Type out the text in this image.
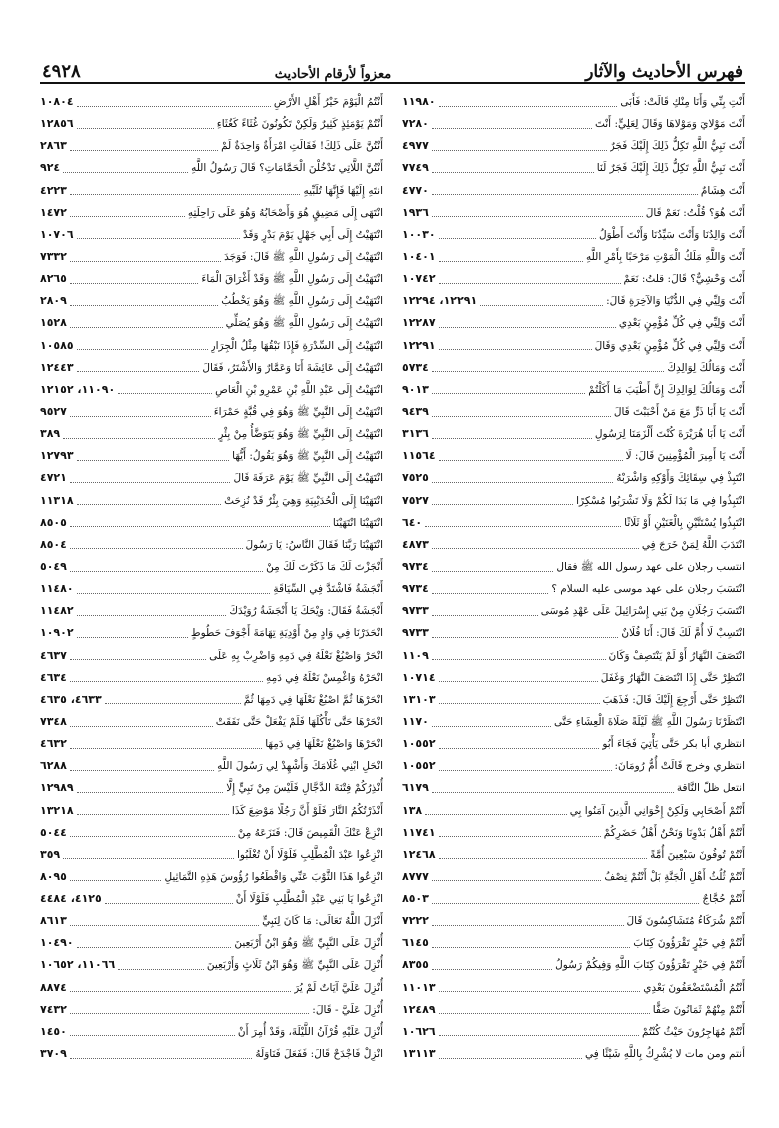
فهرس الأحاديث والآثار
معزواً لأرقام الأحاديث
٤٩٢٨
أَنْتِ بِنِّي وَأَنَا مِنْكِ قَالَتْ: فَأَبَى
١١٩٨٠
أَنْتَ مَوْلايَ وَمَوْلاهَا وَقَالَ لِعَلِيٍّ: أَنْتَ
٧٢٨٠
أَنْتَ نَبِيُّ اللَّهِ تَكِلُّ ذَلِكَ إِلَيْكَ فَجَرٌ
٤٩٧٧
أَنْتَ نَبِيُّ اللَّهِ تَكِلُّ ذَلِكَ إِلَيْكَ فَجَرٌ لَنَا
٧٧٤٩
أَنْتَ هِشَامٌ
٤٧٧٠
أَنْتَ هُوَ؟ قُلْتُ: نَعَمْ قَالَ
١٩٣٦
أَنْتَ وَالِدُنَا وَأَنْتَ سَيِّدُنَا وَأَنْتَ أَطْوَلُ
١٠٠٣٠
أَنْتَ وَاللَّهِ مَلَكُ الْمَوْتِ مَرْحَبًا بِأَمْرِ اللَّهِ
١٠٤٠١
أَنْتَ وَحْشِيٌّ؟ قَالَ: قلتُ: نَعَمْ
١٠٧٤٢
أَنْتَ وَلِيِّي فِي الدُّنْيَا وَالآخِرَةِ قَالَ:
١٢٢٩١، ١٢٢٩٤
أَنْتَ وَلِيِّي فِي كُلِّ مُؤْمِنٍ بَعْدِي
١٢٢٨٧
أَنْتَ وَلِيِّي فِي كُلِّ مُؤْمِنٍ بَعْدِي وَقَالَ
١٢٢٩١
أَنْتَ وَمَالُكَ لِوَالِدِكَ
٥٧٣٤
أَنْتَ وَمَالُكَ لِوَالِدِكَ إِنَّ أَطْيَبَ مَا أَكَلْتُمْ
٩٠١٣
أَنْتَ يَا أَبَا ذَرٍّ مَعَ مَنْ أَحْبَبْتَ قَالَ
٩٤٣٩
أَنْتَ يَا أَبَا هُرَيْرَةَ كُنْتَ أَلْزَمَنَا لِرَسُولِ
٣١٣٦
أَنْتَ يَا أَمِيرَ الْمُؤْمِنِينَ قَالَ: لَا
١١٥٦٤
انْتَبِذْ فِي سِقَائِكَ وَأَوْكِهِ وَاشْرَبْهُ
٧٥٢٥
انْتَبِذُوا فِي مَا بَدَا لَكُمْ وَلَا تَشْرَبُوا مُسْكِرًا
٧٥٢٧
انْتَبِذُوا يُسْتَنَّيْنِ بِالْغَنَيْنِ أَوْ ثَلَاثًا
٦٤٠
انْتَدَبَ اللَّهُ لِمَنْ خَرَجَ فِي
٤٨٧٣
انتسب رجلان على عهد رسول الله ﷺ فقال
٩٧٣٤
انْتَسَبَ رجلان على عهد موسى عليه السلام ؟
٩٧٣٤
انْتَسَبَ رَجُلَانِ مِنْ بَنِي إِسْرَائِيلَ عَلَى عَهْدِ مُوسَى
٩٧٣٣
انْتَسِبْ لَا أُمَّ لَكَ قَالَ: أَنَا فُلَانٌ
٩٧٣٣
انْتَصَفَ النَّهَارُ أَوْ لَمْ يَنْتَصِفْ وَكَانَ
١١٠٩
انْتَظِرْ حَتَّى إِذَا انْتَصَفَ النَّهَارُ وَغَفَلَ
١٠٧١٤
انْتَظِرْ حَتَّى أَرْجِعَ إِلَيْكَ قَالَ: فَذَهَبَ
١٣١٠٣
انْتَظَرْنَا رَسُولَ اللَّهِ ﷺ لَيْلَةً صَلَاةَ الْعِشَاءِ حَتَّى
١١٧٠
انتظري أبا بكر حَتَّى يَأْتِيَ فَجَاءَ أَبُو
١٠٥٥٢
انتظري وخرج قَالَتْ أُمُّ رُومَانَ:
١٠٥٥٢
انتعل ظلّ النَّاقة
٦١٧٩
أَنْتُمْ أَصْحَابِي وَلَكِنْ إِخْوَانِي الَّذِينَ آمَنُوا بِي
١٣٨
أَنْتُمْ أَهْلُ بَدْوِنَا وَنَحْنُ أَهْلُ حَضَرِكُمْ
١١٧٤١
أَنْتُمْ تُوفُونَ سَبْعِينَ أُمَّةً
١٢٤٦٨
أَنْتُمْ ثُلُثُ أَهْلِ الْجَنَّةِ بَلْ أَنْتُمْ نِصْفُ
٨٧٧٧
أَنْتُمْ حُجَّاجٌ
٨٥٠٣
أَنْتُمْ شُرَكَاءُ مُتَشَاكِسُونَ قَالَ
٧٢٢٢
أَنْتُمْ فِي خَيْرٍ تَقْرَؤُونَ كِتَابَ
٦١٤٥
أَنْتُمْ فِي خَيْرٍ تَقْرَؤُونَ كِتَابَ اللَّهِ وَفِيكُمْ رَسُولُ
٨٣٥٥
أَنْتُمُ الْمُسْتَضْعَفُونَ بَعْدِي
١١٠١٣
أَنْتُمْ مِنْهُمْ ثَمَانُونَ صَفًّا
١٢٤٨٩
أَنْتُمْ مُهَاجِرُونَ حَيْثُ كُنْتُمْ
١٠٦٢٦
أنتم ومن مات لا يُشْرِكُ بِاللَّهِ شَيْئًا فِي
١٣١١٣
أَنْتُمُ الْيَوْمَ خَيْرُ أَهْلِ الأَرْضِ
١٠٨٠٤
أَنْتُمْ يَوْمَئِذٍ كَثِيرٌ وَلَكِنْ تَكُونُونَ غُثَاءً كَغُثَاءِ
١٢٨٥٦
أَنْتُنَّ عَلَى ذَلِكَ! فَقَالَتِ امْرَأَةٌ وَاحِدَةٌ لَمْ
٢٨٦٣
أَنْتُنَّ اللَّاتِي تَدْخُلْنَ الْحَمَّامَاتِ؟ قَالَ رَسُولُ اللَّهِ
٩٢٤
انتَهِ إِلَيْهَا فَإِنَّهَا تُلَبِّيهِ
٤٢٢٣
انْتَهَى إِلَى مَضِيقٍ هُوَ وَأَصْحَابُهُ وَهُوَ عَلَى رَاحِلَتِهِ
١٤٧٢
انْتَهَيْتُ إِلَى أَبِي جَهْلٍ يَوْمَ بَدْرٍ وَقَدْ
١٠٧٠٦
انْتَهَيْتُ إِلَى رَسُولِ اللَّهِ ﷺ قَالَ: فَوَجَدَ
٧٣٣٢
انْتَهَيْتُ إِلَى رَسُولِ اللَّهِ ﷺ وَقَدْ أَغْرَاقَ الْمَاءَ
٨٢٦٥
انْتَهَيْتُ إِلَى رَسُولِ اللَّهِ ﷺ وَهُوَ يَخْطُبُ
٢٨٠٩
انْتَهَيْتُ إِلَى رَسُولِ اللَّهِ ﷺ وَهُوَ يُصَلِّي
١٥٢٨
انْتَهَيْتُ إِلَى السِّدْرَةِ فَإِذَا نَبْقُهَا مِثْلُ الْجِرَارِ
١٠٥٨٥
انْتَهَيْتُ إِلَى عَائِشَةَ أَنَا وَعَمَّارٌ وَالأَشْتَرُ، فَقَالَ
١٢٤٤٣
انْتَهَيْتُ إِلَى عَبْدِ اللَّهِ بْنِ عَمْرِو بْنِ الْعَاصِ
١١٠٩٠، ١٢١٥٢
انْتَهَيْتُ إِلَى النَّبِيِّ ﷺ وَهُوَ فِي قُبَّةٍ حَمْرَاءَ
٩٥٢٧
انْتَهَيْتُ إِلَى النَّبِيِّ ﷺ وَهُوَ يَتَوَضَّأُ مِنْ بِئْرٍ
٣٨٩
انْتَهَيْتُ إِلَى النَّبِيِّ ﷺ وَهُوَ يَقُولُ: أَيُّهَا
١٢٧٩٣
انْتَهَيْتُ إِلَى النَّبِيِّ ﷺ يَوْمَ عَرَفَةَ قَالَ
٤٧٢١
انْتَهَيْنَا إِلَى الْحُدَيْبِيَةِ وَهِيَ بِئْرٌ قَدْ نُزِحَتْ
١١٣١٨
انْتَهَيْنَا انْتَهَيْنَا
٨٥٠٥
انْتَهَيْنَا رَبَّنَا فَقَالَ النَّاسُ: يَا رَسُولَ
٨٥٠٤
أَنْجَزْتَ لَكَ مَا ذَكَرْتَ لَكَ مِنْ
٥٠٤٩
أَنْجَشَةُ فَاشْتَدَّ فِي السِّيَاقَةِ
١١٤٨٠
أَنْجَشَةُ فَقَالَ: وَيْحَكَ يَا أَنْجَشَةُ رُوَيْدَكَ
١١٤٨٢
انْحَدَرْنَا فِي وَادٍ مِنْ أَوْدِيَةِ تِهَامَةَ أَجْوَفَ حَطُوطٍ
١٠٩٠٢
انْحَرْ وَاصْبُغْ نَعْلَهُ فِي دَمِهِ وَاضْرِبْ بِهِ عَلَى
٤٦٣٧
انْحَرْهُ وَاغْمِسْ نَعْلَهُ فِي دَمِهِ
٤٦٣٤
انْحَرْهَا ثُمَّ اصْبُغْ نَعْلَهَا فِي دَمِهَا ثُمَّ
٤٦٣٣، ٤٦٣٥
انْحَرْهَا حَتَّى تَأْكُلَهَا فَلَمْ يَفْعَلْ حَتَّى نَفَقَتْ
٧٣٤٨
انْحَرْهَا وَاصْبُغْ نَعْلَهَا فِي دَمِهَا
٤٦٣٢
انْحَلِ ابْنِي غُلَامَكَ وَأَشْهِدْ لِي رَسُولَ اللَّهِ
٦٢٨٨
أُنْذِرُكُمْ فِتْنَةَ الدَّجَّالِ فَلَيْسَ مِنْ نَبِيٍّ إِلَّا
١٢٩٨٩
أَنْذَرْتُكُمُ النَّارَ فَلَوْ أَنَّ رَجُلًا مَوْضِعَ كَذَا
١٣٢١٨
انْزِعْ عَنْكَ الْقَمِيصَ قَالَ: فَنَزَعَهُ مِنْ
٥٠٤٤
انْزِعُوا عَبْدَ الْمُطَّلِبِ فَلَوْلَا أَنْ تُغْلَبُوا
٣٥٩
انْزِعُوا هَذَا الثَّوْبَ عَنِّي وَاقْطَعُوا رُؤُوسَ هَذِهِ التَّمَاثِيلِ
٨٠٩٥
انْزِعُوا يَا بَنِي عَبْدِ الْمُطَّلِبِ فَلَوْلَا أَنْ
٤١٢٥، ٤٤٨٤
أَنْزَلَ اللَّهُ تَعَالَى: مَا كَانَ لِنَبِيٍّ
٨٦١٣
أُنْزِلَ عَلَى النَّبِيِّ ﷺ وَهُوَ ابْنُ أَرْبَعِينَ
١٠٤٩٠
أُنْزِلَ عَلَى النَّبِيِّ ﷺ وَهُوَ ابْنُ ثَلَاثٍ وَأَرْبَعِينَ
١١٠٦٦، ١٠٦٥٢
أُنْزِلَ عَلَيَّ آيَاتٌ لَمْ يُرَ
٨٨٧٤
أُنْزِلَ عَلَيَّ - قَالَ:
٧٤٣٢
أُنْزِلَ عَلَيْهِ قُرْآنُ اللَّيْلَةَ، وَقَدْ أُمِرَ أَنْ
١٤٥٠
انْزِلْ فَاجْدَحْ قَالَ: فَفَعَلَ فَنَاوَلَهُ
٣٧٠٩
